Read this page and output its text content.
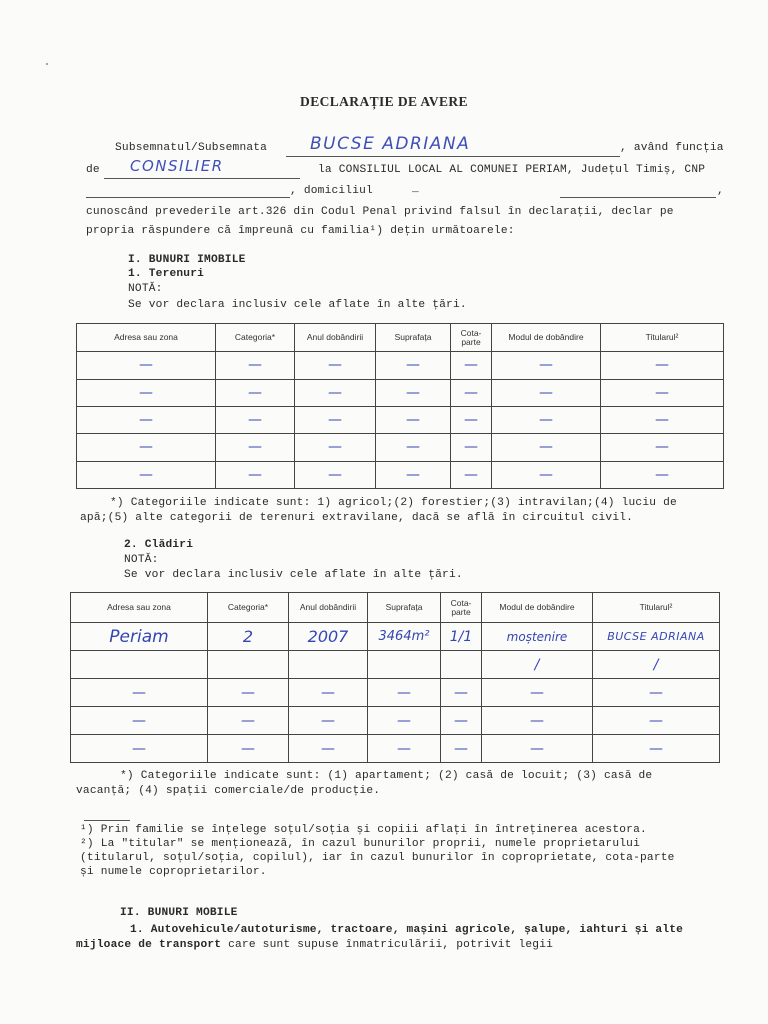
DECLARAȚIE DE AVERE
Subsemnatul/Subsemnata	BUCSE ADRIANA	, având funcția
de CONSILIER	la CONSILIUL LOCAL AL COMUNEI PERIAM, Județul Timiș, CNP
, domiciliul	_	,
cunoscând prevederile art.326 din Codul Penal privind falsul în declarații, declar pe
propria răspundere că împreună cu familia¹) dețin următoarele:
I. BUNURI IMOBILE
1. Terenuri
NOTĂ:
Se vor declara inclusiv cele aflate în alte țări.
Adresa sau zona	Categoria*	Anul dobândirii	Suprafața	Cota-parte	Modul de dobândire	Titularul²
—	—	—	—	—	—	—
—	—	—	—	—	—	—
—	—	—	—	—	—	—
—	—	—	—	—	—	—
—	—	—	—	—	—	—
*) Categoriile indicate sunt: 1) agricol;(2) forestier;(3) intravilan;(4) luciu de
apă;(5) alte categorii de terenuri extravilane, dacă se află în circuitul civil.
2. Clădiri
NOTĂ:
Se vor declara inclusiv cele aflate în alte țări.
Adresa sau zona	Categoria*	Anul dobândirii	Suprafața	Cota-parte	Modul de dobândire	Titularul²
Periam	2	2007	3464m²	1/1	moștenire	BUCSE ADRIANA
					/	/
—	—	—	—	—	—	—
—	—	—	—	—	—	—
—	—	—	—	—	—	—
*) Categoriile indicate sunt: (1) apartament; (2) casă de locuit; (3) casă de
vacanță; (4) spații comerciale/de producție.
¹) Prin familie se înțelege soțul/soția și copiii aflați în întreținerea acestora.
²) La "titular" se menționează, în cazul bunurilor proprii, numele proprietarului
(titularul, soțul/soția, copilul), iar în cazul bunurilor în coproprietate, cota-parte
și numele coproprietarilor.
II. BUNURI MOBILE
1. Autovehicule/autoturisme, tractoare, mașini agricole, șalupe, iahturi și alte
mijloace de transport care sunt supuse înmatriculării, potrivit legii
